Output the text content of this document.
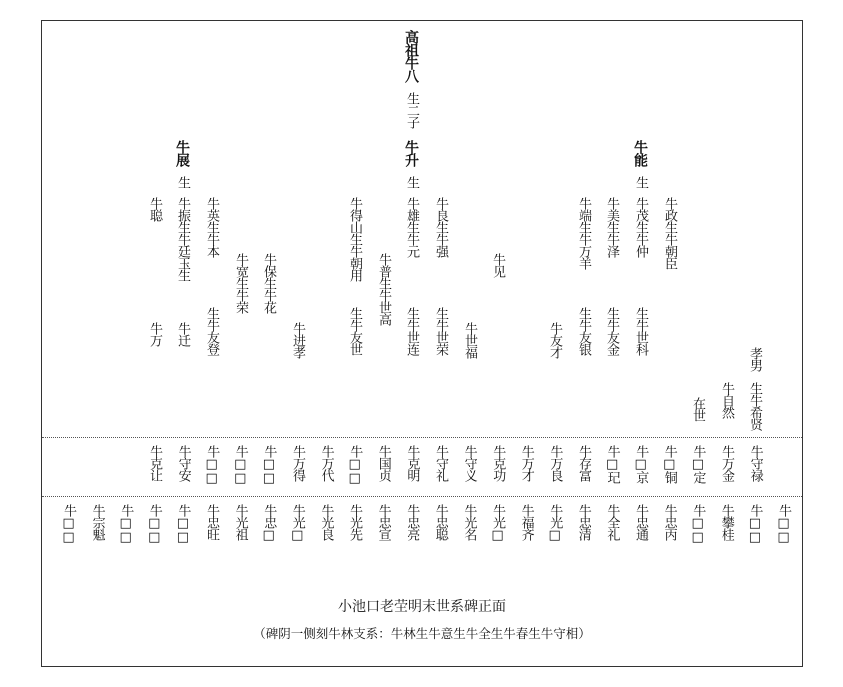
高祖牛八
生二子
牛展
生
牛升
生
牛能
生
牛聪 牛振生牛廷玉生 牛英生牛本	牛得山生牛朝用	牛雄生牛元 牛良生牛强	牛端生牛万羊 牛美生牛泽 牛茂生牛仲 牛政生牛朝臣
牛万 牛迁 生牛友登
牛宽生牛荣 牛保生牛花
牛进孝	生牛友世
牛普生牛世高
生牛世连 生牛世荣 牛世福
牛见
牛友才 生牛友银 生牛友金 生牛世科
在世 牛自然
孝男
生牛希贤
牛克让 牛守安 牛□□ 牛□□ 牛□□ 牛万得 牛万代 牛□□ 牛国贞 牛克明 牛守礼 牛守义 牛克功 牛万才 牛万良 牛存富 牛□玘 牛□京 牛□铜 牛□定 牛万金 牛守禄
牛□□ 牛宗魁 牛□□ 牛□□ 牛□□ 牛忠旺 牛光祖 牛忠□ 牛光□ 牛光良 牛光先 牛忠宣 牛忠亮 牛忠聪 牛光名 牛光□ 牛福齐 牛光□ 牛忠清 牛全礼 牛忠通 牛忠丙 牛□□ 牛攀桂 牛□□ 牛□□
小池口老茔明末世系碑正面
（碑阴一侧刻牛林支系：牛林生牛意生牛全生牛春生牛守相）
